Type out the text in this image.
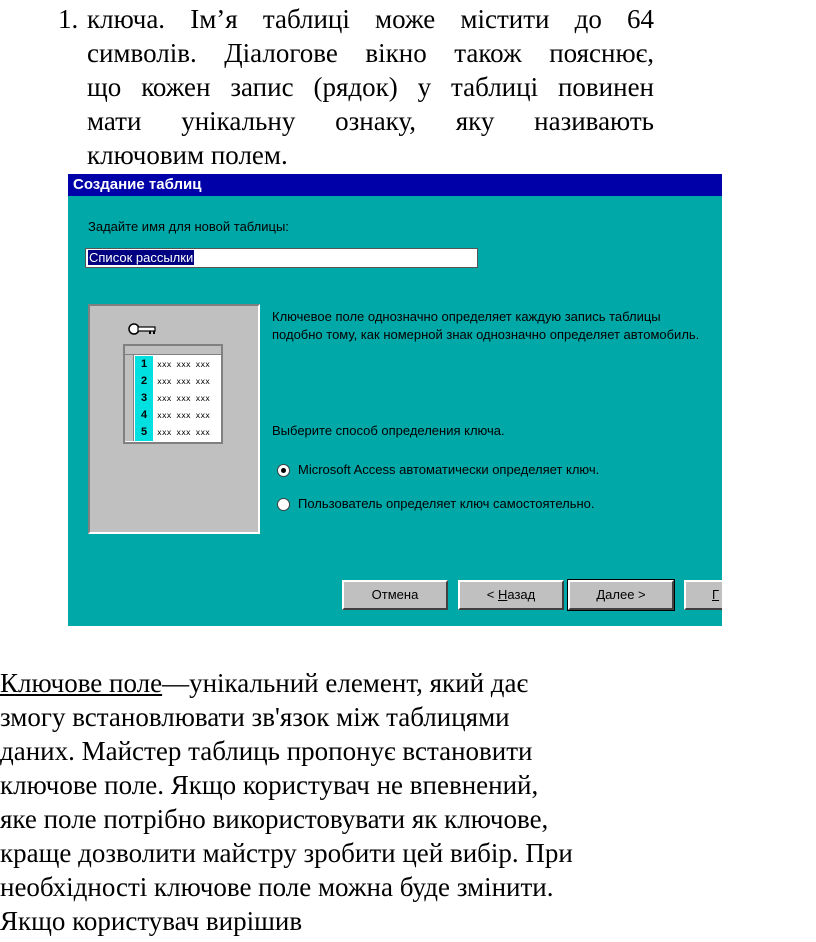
1. ключа. Ім’я таблиці може містити до 64
символів. Діалогове вікно також пояснює,
що кожен запис (рядок) у таблиці повинен
мати унікальну ознаку, яку називають
ключовим полем.
Создание таблиц
Задайте имя для новой таблицы:
Список рассылки
1 xxx xxx xxx
2 xxx xxx xxx
3 xxx xxx xxx
4 xxx xxx xxx
5 xxx xxx xxx
Ключевое поле однозначно определяет каждую запись таблицы подобно тому, как номерной знак однозначно определяет автомобиль.
Выберите способ определения ключа.
Microsoft Access автоматически определяет ключ.
Пользователь определяет ключ самостоятельно.
Отмена	< Назад	Далее >	Г
Ключове поле—унікальний елемент, який дає
змогу встановлювати зв'язок між таблицями
даних. Майстер таблиць пропонує встановити
ключове поле. Якщо користувач не впевнений,
яке поле потрібно використовувати як ключове,
краще дозволити майстру зробити цей вибір. При
необхідності ключове поле можна буде змінити.
Якщо користувач вирішив
